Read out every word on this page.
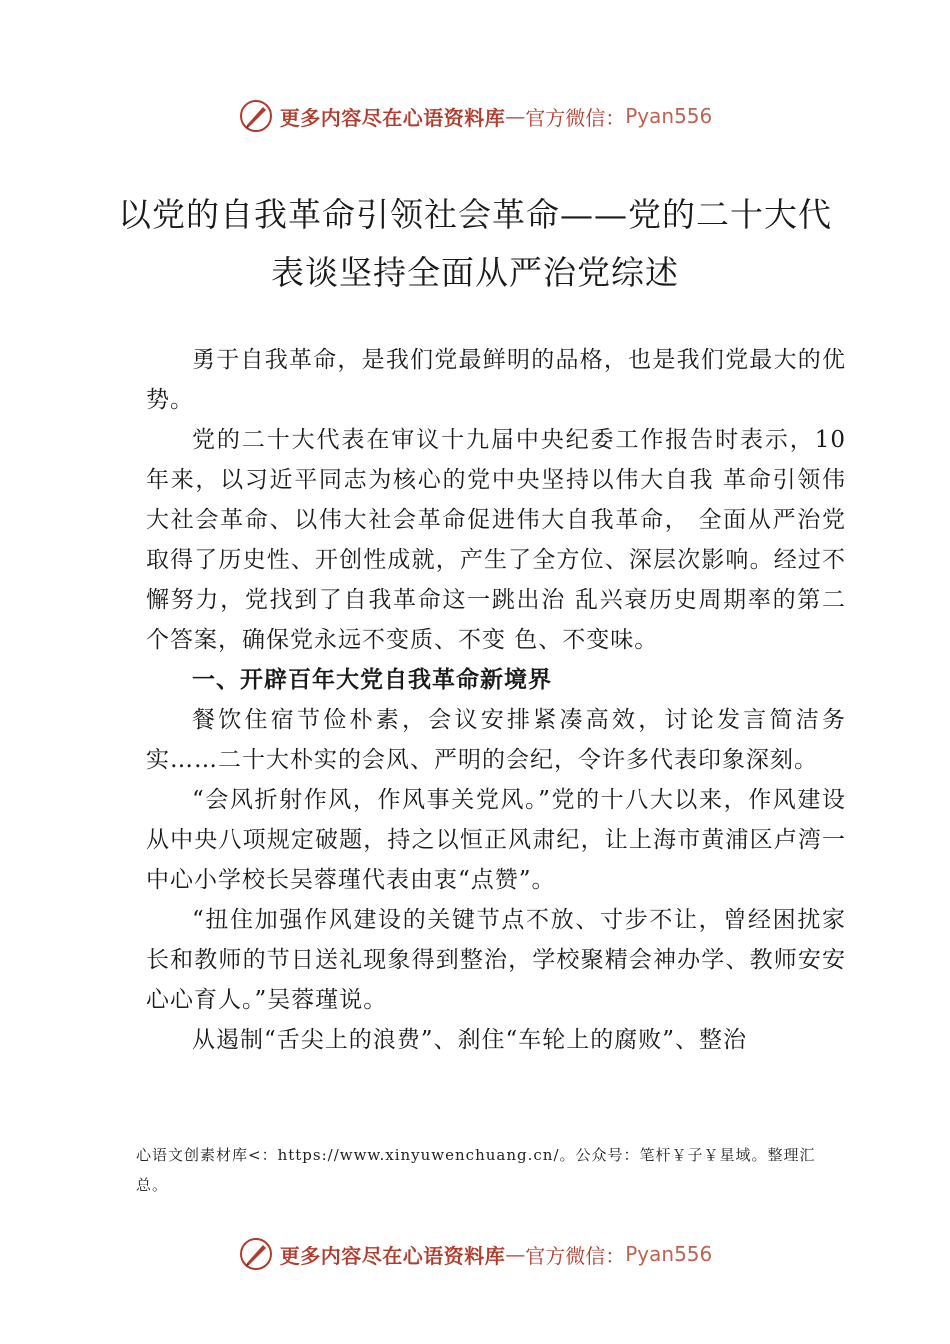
更多内容尽在心语资料库 — 官方微信： Pyan556
以党的自我革命引领社会革命——党的二十大代表谈坚持全面从严治党综述

勇于自我革命，是我们党最鲜明的品格，也是我们党最大的优势。

党的二十大代表在审议十九届中央纪委工作报告时表示，10年来，以习近平同志为核心的党中央坚持以伟大自我 革命引领伟大社会革命、以伟大社会革命促进伟大自我革命， 全面从严治党取得了历史性、开创性成就，产生了全方位、深层次影响。经过不懈努力，党找到了自我革命这一跳出治 乱兴衰历史周期率的第二个答案，确保党永远不变质、不变 色、不变味。

一、开辟百年大党自我革命新境界

餐饮住宿节俭朴素，会议安排紧凑高效，讨论发言简洁务实……二十大朴实的会风、严明的会纪，令许多代表印象深刻。

“会风折射作风，作风事关党风。”党的十八大以来，作风建设从中央八项规定破题，持之以恒正风肃纪，让上海市黄浦区卢湾一中心小学校长吴蓉瑾代表由衷“点赞”。

“扭住加强作风建设的关键节点不放、寸步不让，曾经困扰家长和教师的节日送礼现象得到整治，学校聚精会神办学、教师安安心心育人。”吴蓉瑾说。

从遏制“舌尖上的浪费”、刹住“车轮上的腐败”、整治

心语文创素材库<：https://www.xinyuwenchuang.cn/。公众号：笔杆￥子￥星域。整理汇总。
更多内容尽在心语资料库 — 官方微信： Pyan556
